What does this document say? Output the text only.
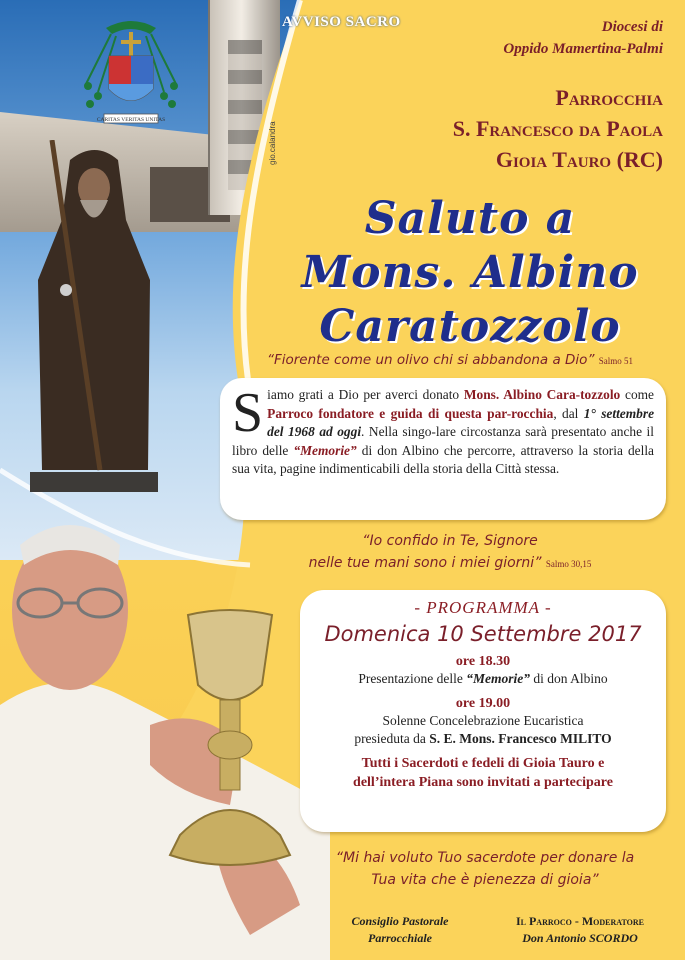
gio.calandra
CARITAS VERITAS UNITAS
AVVISO SACRO	Diocesi di
Oppido Mamertina-Palmi
Parrocchia
S. Francesco da Paola
Gioia Tauro (RC)
Saluto a
Mons. Albino
Caratozzolo
“Fiorente come un olivo chi si abbandona a Dio” Salmo 51
Siamo grati a Dio per averci donato Mons. Albino Cara-tozzolo come Parroco fondatore e guida di questa par-rocchia, dal 1° settembre del 1968 ad oggi. Nella singo-lare circostanza sarà presentato anche il libro delle “Memorie” di don Albino che percorre, attraverso la storia della sua vita, pagine indimenticabili della storia della Città stessa.
“Io confido in Te, Signore
nelle tue mani sono i miei giorni” Salmo 30,15
- PROGRAMMA -
Domenica 10 Settembre 2017
ore 18.30
Presentazione delle “Memorie” di don Albino
ore 19.00
Solenne Concelebrazione Eucaristica
presieduta da S. E. Mons. Francesco MILITO
Tutti i Sacerdoti e fedeli di Gioia Tauro e
dell’intera Piana sono invitati a partecipare
“Mi hai voluto Tuo sacerdote per donare la
Tua vita che è pienezza di gioia”
Consiglio Pastorale
Parrocchiale
Il Parroco - Moderatore
Don Antonio SCORDO
